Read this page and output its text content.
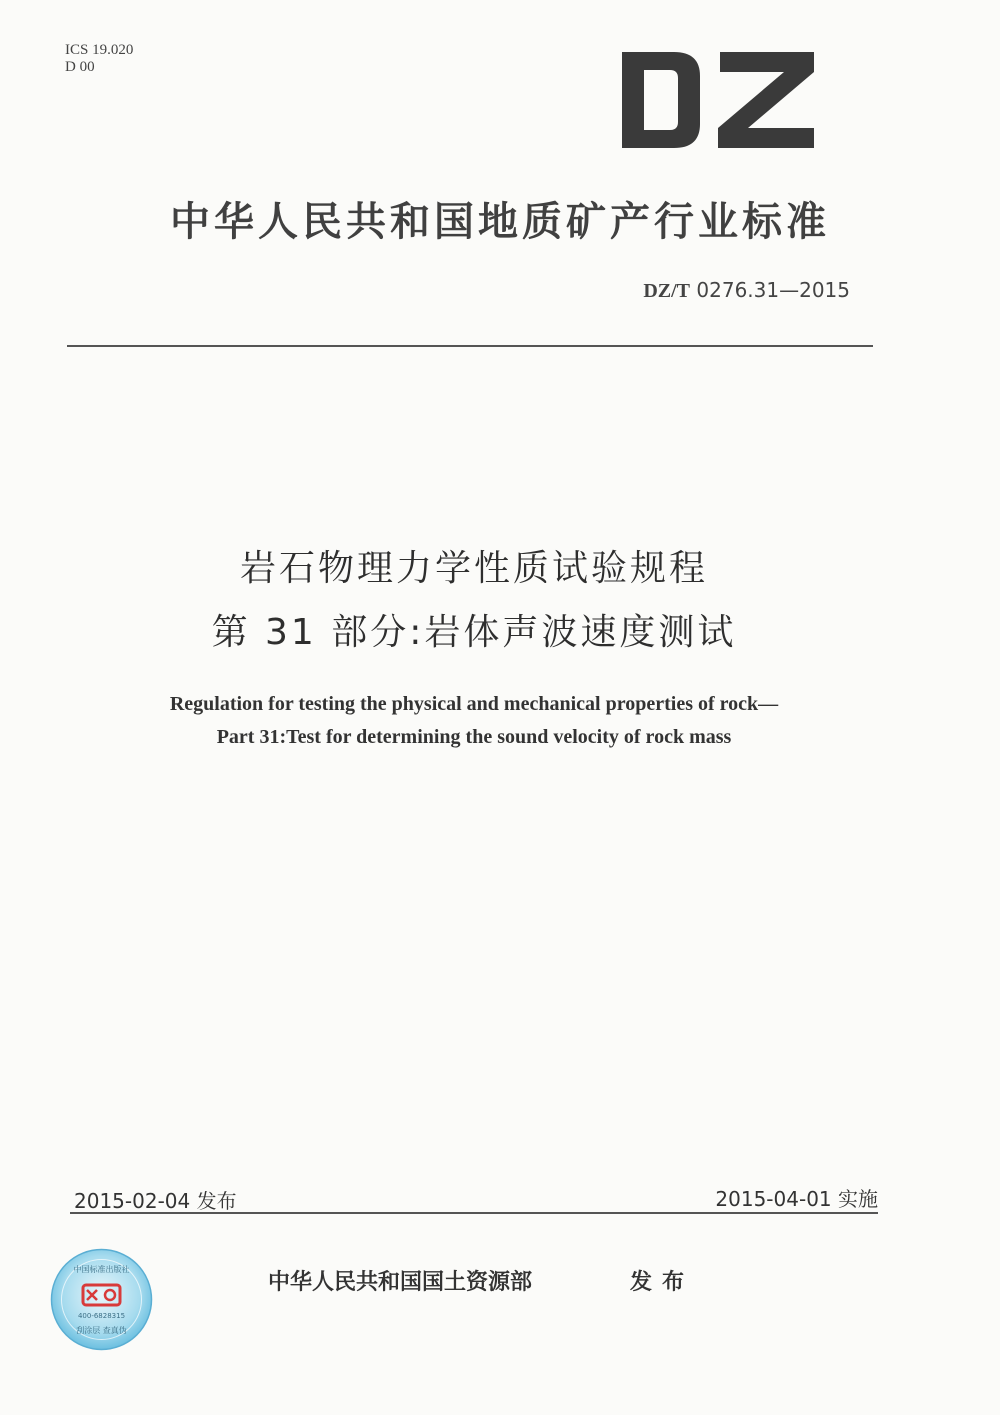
ICS 19.020
D 00
中华人民共和国地质矿产行业标准
DZ/T 0276.31—2015
岩石物理力学性质试验规程
第 31 部分:岩体声波速度测试
Regulation for testing the physical and mechanical properties of rock—
Part 31:Test for determining the sound velocity of rock mass
2015-02-04 发布	2015-04-01 实施
中国标准出版社
400-6828315
刮涂层 查真伪
中华人民共和国国土资源部	发布
